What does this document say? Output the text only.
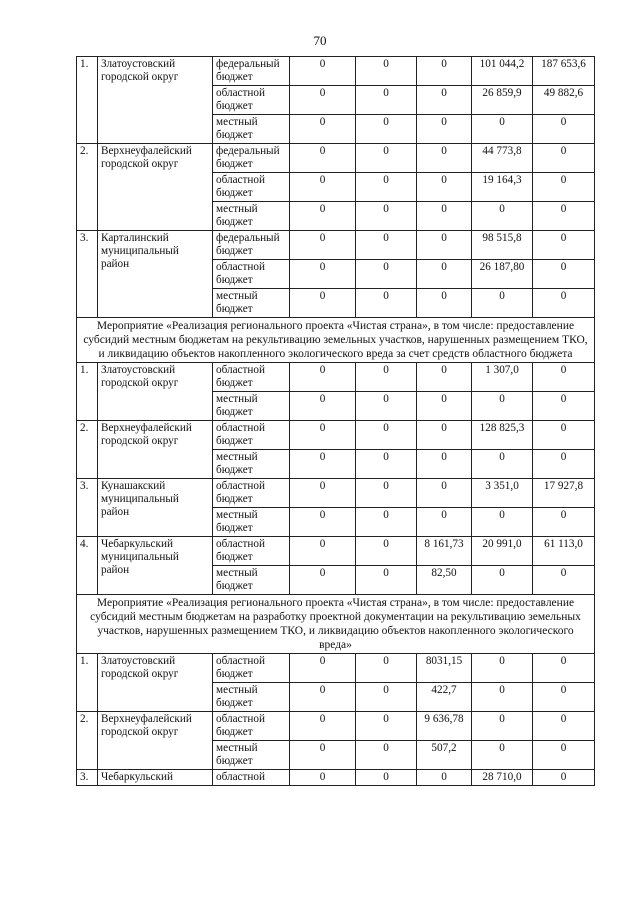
70
1.	Златоустовский городской округ	федеральный бюджет	0	0	0	101 044,2	187 653,6
		областной бюджет	0	0	0	26 859,9	49 882,6
		местный бюджет	0	0	0	0	0
2.	Верхнеуфалейский городской округ	федеральный бюджет	0	0	0	44 773,8	0
		областной бюджет	0	0	0	19 164,3	0
		местный бюджет	0	0	0	0	0
3.	Карталинский муниципальный район	федеральный бюджет	0	0	0	98 515,8	0
		областной бюджет	0	0	0	26 187,80	0
		местный бюджет	0	0	0	0	0
Мероприятие «Реализация регионального проекта «Чистая страна», в том числе: предоставление субсидий местным бюджетам на рекультивацию земельных участков, нарушенных размещением ТКО, и ликвидацию объектов накопленного экологического вреда за счет средств областного бюджета							
1.	Златоустовский городской округ	областной бюджет	0	0	0	1 307,0	0
		местный бюджет	0	0	0	0	0
2.	Верхнеуфалейский городской округ	областной бюджет	0	0	0	128 825,3	0
		местный бюджет	0	0	0	0	0
3.	Кунашакский муниципальный район	областной бюджет	0	0	0	3 351,0	17 927,8
		местный бюджет	0	0	0	0	0
4.	Чебаркульский муниципальный район	областной бюджет	0	0	8 161,73	20 991,0	61 113,0
		местный бюджет	0	0	82,50	0	0
Мероприятие «Реализация регионального проекта «Чистая страна», в том числе: предоставление субсидий местным бюджетам на разработку проектной документации на рекультивацию земельных участков, нарушенных размещением ТКО, и ликвидацию объектов накопленного экологического вреда»							
1.	Златоустовский городской округ	областной бюджет	0	0	8031,15	0	0
		местный бюджет	0	0	422,7	0	0
2.	Верхнеуфалейский городской округ	областной бюджет	0	0	9 636,78	0	0
		местный бюджет	0	0	507,2	0	0
3.	Чебаркульский	областной	0	0	0	28 710,0	0
